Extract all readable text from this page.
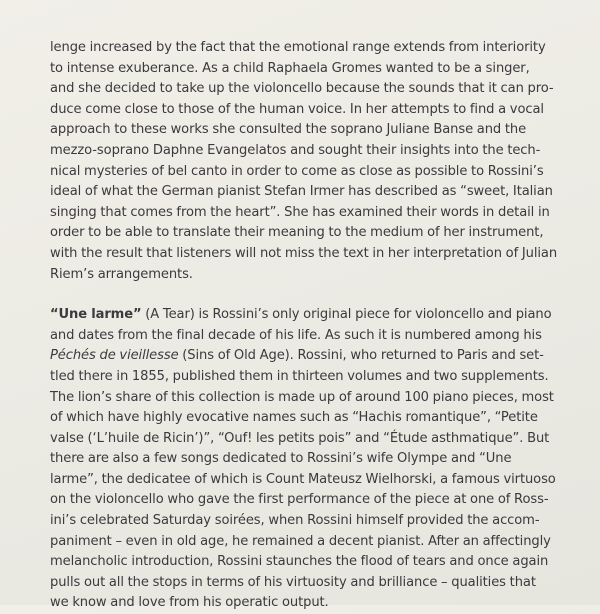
lenge increased by the fact that the emotional range extends from interiority
to intense exuberance. As a child Raphaela Gromes wanted to be a singer,
and she decided to take up the violoncello because the sounds that it can pro-
duce come close to those of the human voice. In her attempts to find a vocal
approach to these works she consulted the soprano Juliane Banse and the
mezzo-soprano Daphne Evangelatos and sought their insights into the tech-
nical mysteries of bel canto in order to come as close as possible to Rossini’s
ideal of what the German pianist Stefan Irmer has described as “sweet, Italian
singing that comes from the heart”. She has examined their words in detail in
order to be able to translate their meaning to the medium of her instrument,
with the result that listeners will not miss the text in her interpretation of Julian
Riem’s arrangements.

“Une larme” (A Tear) is Rossini’s only original piece for violoncello and piano
and dates from the final decade of his life. As such it is numbered among his
Péchés de vieillesse (Sins of Old Age). Rossini, who returned to Paris and set-
tled there in 1855, published them in thirteen volumes and two supplements.
The lion’s share of this collection is made up of around 100 piano pieces, most
of which have highly evocative names such as “Hachis romantique”, “Petite
valse (‘L’huile de Ricin’)”, “Ouf! les petits pois” and “Étude asthmatique”. But
there are also a few songs dedicated to Rossini’s wife Olympe and “Une
larme”, the dedicatee of which is Count Mateusz Wielhorski, a famous virtuoso
on the violoncello who gave the first performance of the piece at one of Ross-
ini’s celebrated Saturday soirées, when Rossini himself provided the accom-
paniment – even in old age, he remained a decent pianist. After an affectingly
melancholic introduction, Rossini staunches the flood of tears and once again
pulls out all the stops in terms of his virtuosity and brilliance – qualities that
we know and love from his operatic output.
